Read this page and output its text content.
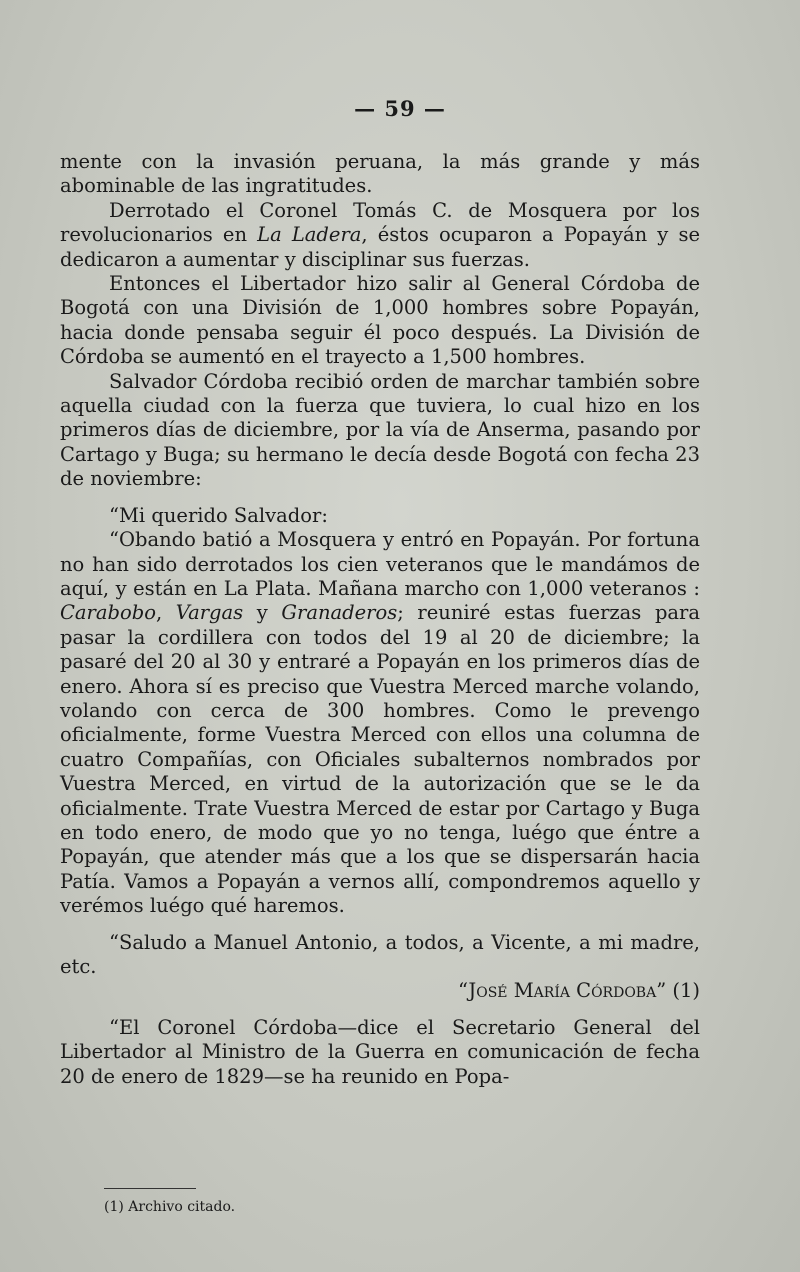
— 59 —

mente con la invasión peruana, la más grande y más abominable de las ingratitudes.

Derrotado el Coronel Tomás C. de Mosquera por los revolucionarios en La Ladera, éstos ocuparon a Popayán y se dedicaron a aumentar y disciplinar sus fuerzas.

Entonces el Libertador hizo salir al General Córdoba de Bogotá con una División de 1,000 hombres sobre Popayán, hacia donde pensaba seguir él poco después. La División de Córdoba se aumentó en el trayecto a 1,500 hombres.

Salvador Córdoba recibió orden de marchar también sobre aquella ciudad con la fuerza que tuviera, lo cual hizo en los primeros días de diciembre, por la vía de Anserma, pasando por Cartago y Buga; su hermano le decía desde Bogotá con fecha 23 de noviembre:

“Mi querido Salvador:

“Obando batió a Mosquera y entró en Popayán. Por fortuna no han sido derrotados los cien veteranos que le mandámos de aquí, y están en La Plata. Mañana marcho con 1,000 veteranos : Carabobo, Vargas y Granaderos; reuniré estas fuerzas para pasar la cordillera con todos del 19 al 20 de diciembre; la pasaré del 20 al 30 y entraré a Popayán en los primeros días de enero. Ahora sí es preciso que Vuestra Merced marche volando, volando con cerca de 300 hombres. Como le prevengo oficialmente, forme Vuestra Merced con ellos una columna de cuatro Compañías, con Oficiales subalternos nombrados por Vuestra Merced, en virtud de la autorización que se le da oficialmente. Trate Vuestra Merced de estar por Cartago y Buga en todo enero, de modo que yo no tenga, luégo que éntre a Popayán, que atender más que a los que se dispersarán hacia Patía. Vamos a Popayán a vernos allí, compondremos aquello y verémos luégo qué haremos.

“Saludo a Manuel Antonio, a todos, a Vicente, a mi madre, etc.

“José María Córdoba” (1)

“El Coronel Córdoba—dice el Secretario General del Libertador al Ministro de la Guerra en comunicación de fecha 20 de enero de 1829—se ha reunido en Popa-

(1) Archivo citado.
